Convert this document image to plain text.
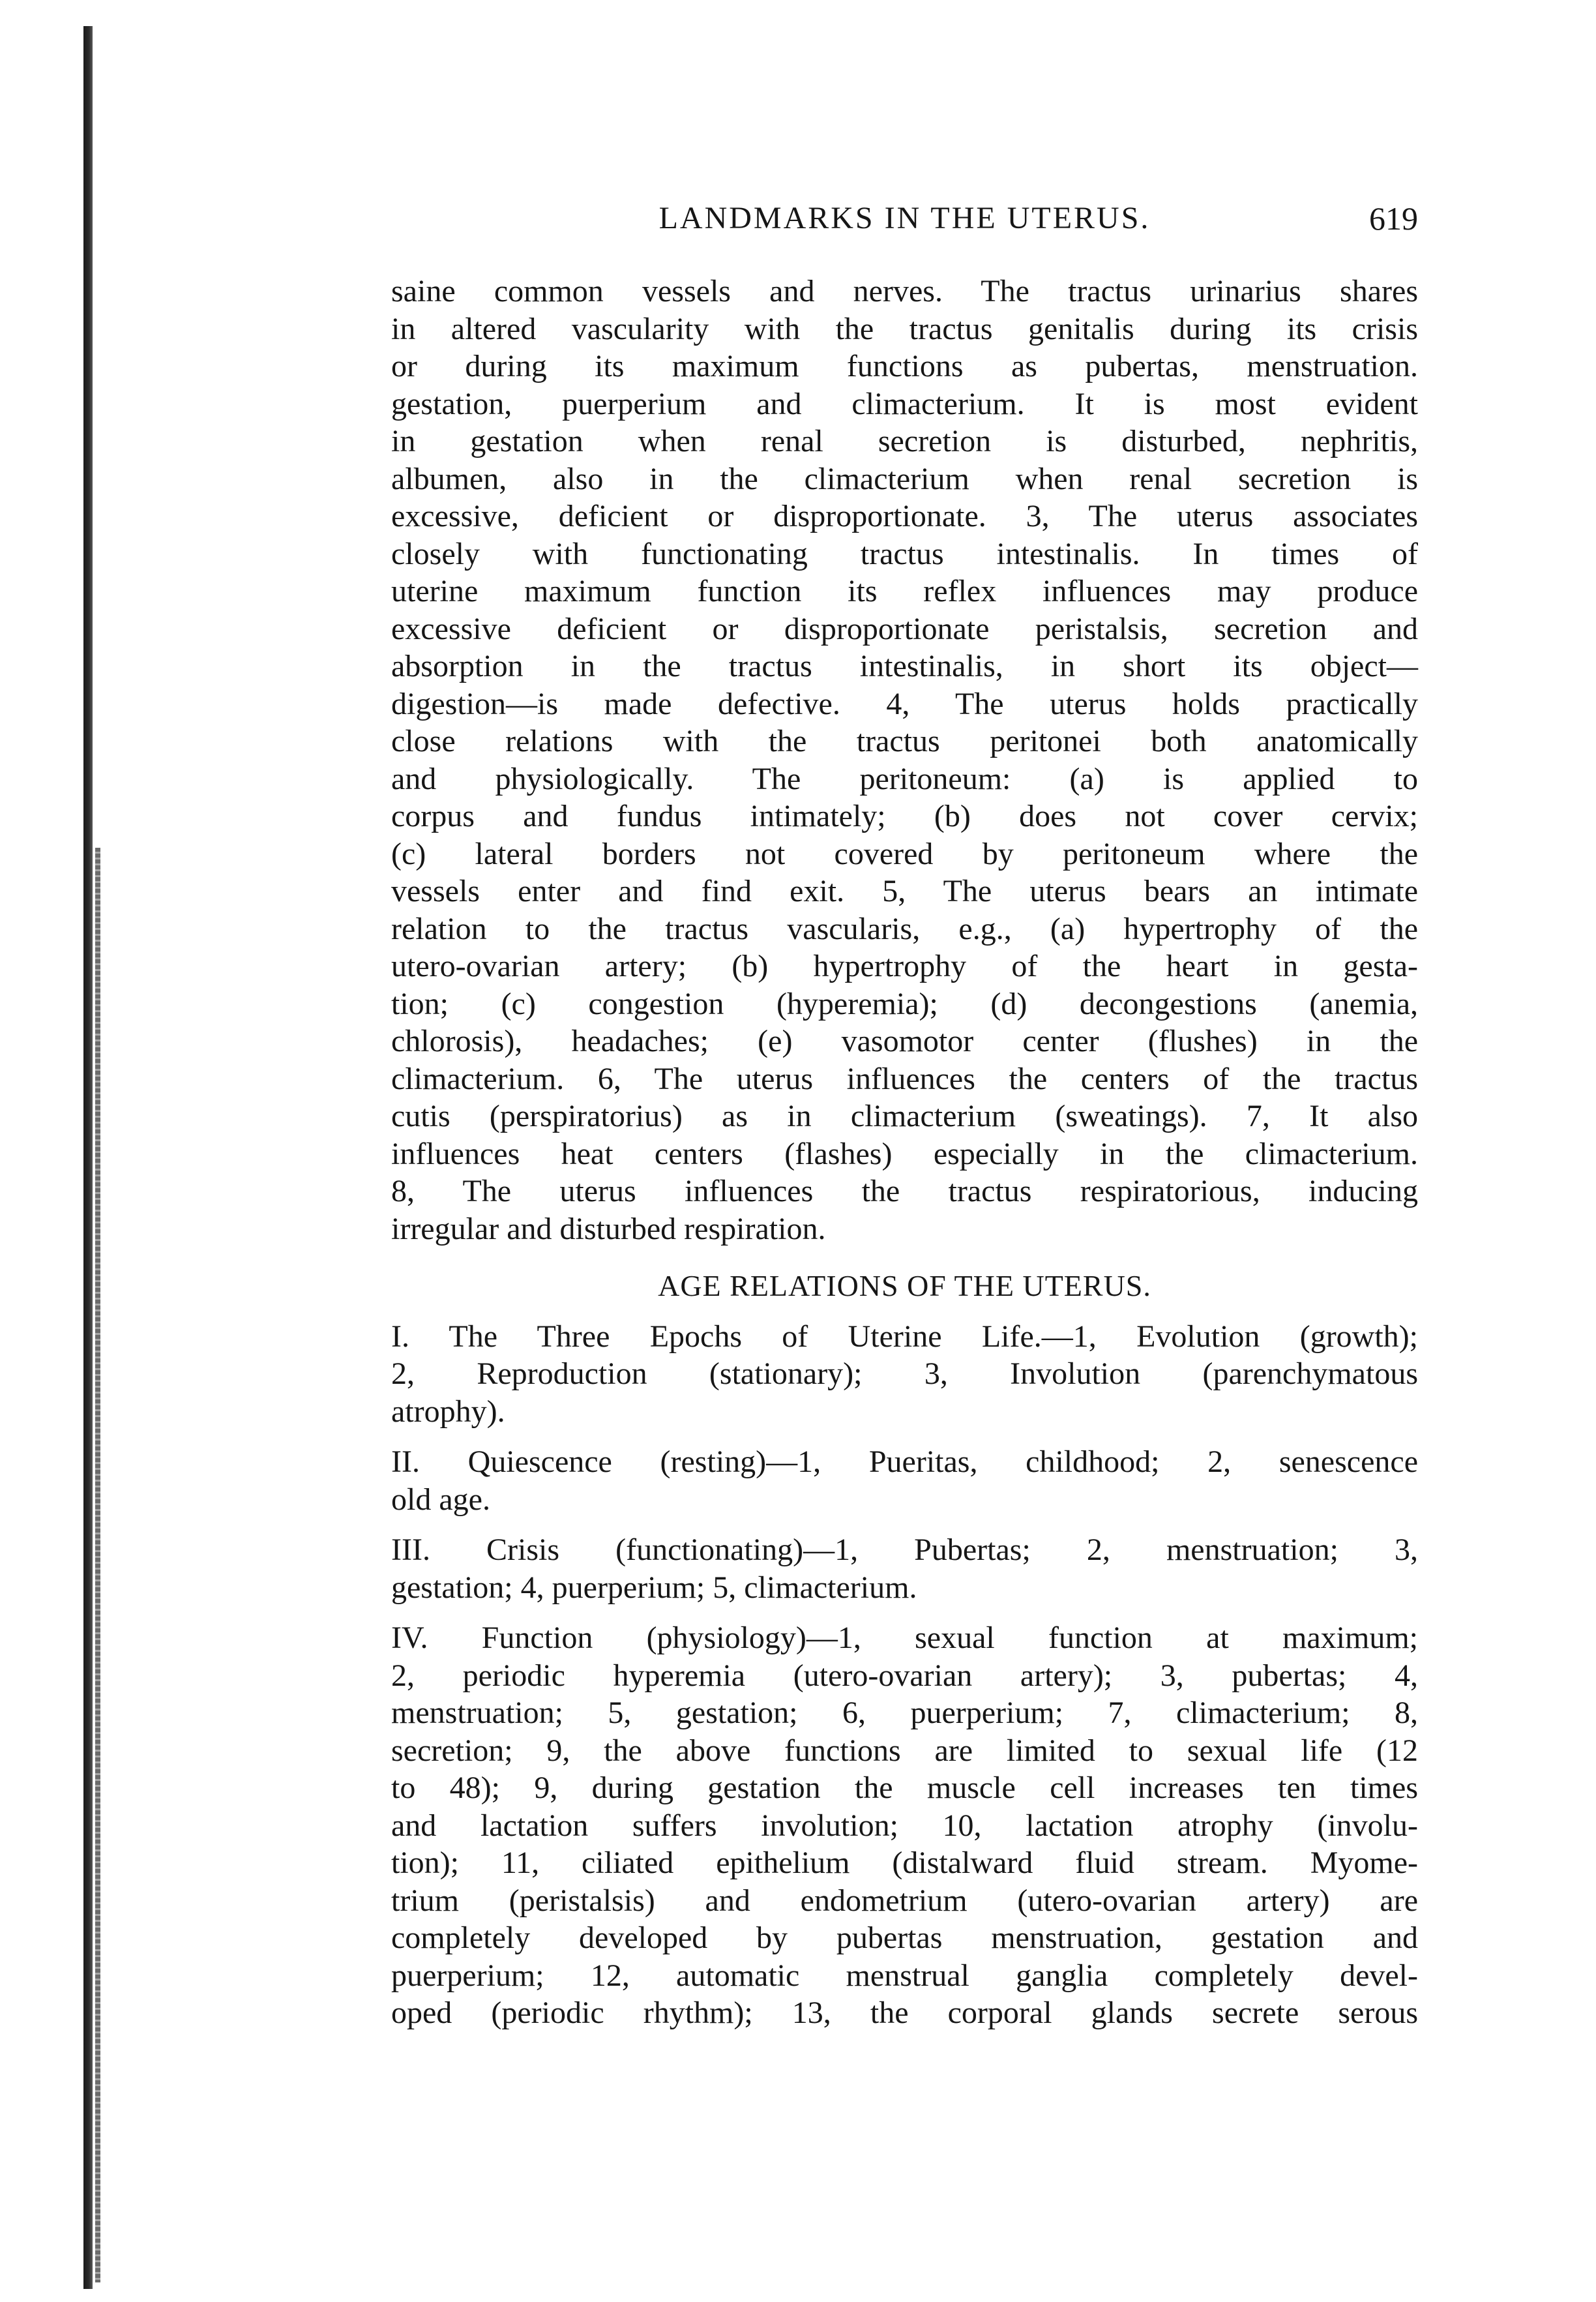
LANDMARKS IN THE UTERUS.	619
saine common vessels and nerves. The tractus urinarius shares
in altered vascularity with the tractus genitalis during its crisis
or during its maximum functions as pubertas, menstruation.
gestation, puerperium and climacterium. It is most evident
in gestation when renal secretion is disturbed, nephritis,
albumen, also in the climacterium when renal secretion is
excessive, deficient or disproportionate. 3, The uterus associates
closely with functionating tractus intestinalis. In times of
uterine maximum function its reflex influences may produce
excessive deficient or disproportionate peristalsis, secretion and
absorption in the tractus intestinalis, in short its object—
digestion—is made defective. 4, The uterus holds practically
close relations with the tractus peritonei both anatomically
and physiologically. The peritoneum: (a) is applied to
corpus and fundus intimately; (b) does not cover cervix;
(c) lateral borders not covered by peritoneum where the
vessels enter and find exit. 5, The uterus bears an intimate
relation to the tractus vascularis, e.g., (a) hypertrophy of the
utero-ovarian artery; (b) hypertrophy of the heart in gesta-
tion; (c) congestion (hyperemia); (d) decongestions (anemia,
chlorosis), headaches; (e) vasomotor center (flushes) in the
climacterium. 6, The uterus influences the centers of the tractus
cutis (perspiratorius) as in climacterium (sweatings). 7, It also
influences heat centers (flashes) especially in the climacterium.
8, The uterus influences the tractus respiratorious, inducing
irregular and disturbed respiration.
AGE RELATIONS OF THE UTERUS.
I. The Three Epochs of Uterine Life.—1, Evolution (growth);
2, Reproduction (stationary); 3, Involution (parenchymatous
atrophy).
II. Quiescence (resting)—1, Pueritas, childhood; 2, senescence
old age.
III. Crisis (functionating)—1, Pubertas; 2, menstruation; 3,
gestation; 4, puerperium; 5, climacterium.
IV. Function (physiology)—1, sexual function at maximum;
2, periodic hyperemia (utero-ovarian artery); 3, pubertas; 4,
menstruation; 5, gestation; 6, puerperium; 7, climacterium; 8,
secretion; 9, the above functions are limited to sexual life (12
to 48); 9, during gestation the muscle cell increases ten times
and lactation suffers involution; 10, lactation atrophy (involu-
tion); 11, ciliated epithelium (distalward fluid stream. Myome-
trium (peristalsis) and endometrium (utero-ovarian artery) are
completely developed by pubertas menstruation, gestation and
puerperium; 12, automatic menstrual ganglia completely devel-
oped (periodic rhythm); 13, the corporal glands secrete serous
